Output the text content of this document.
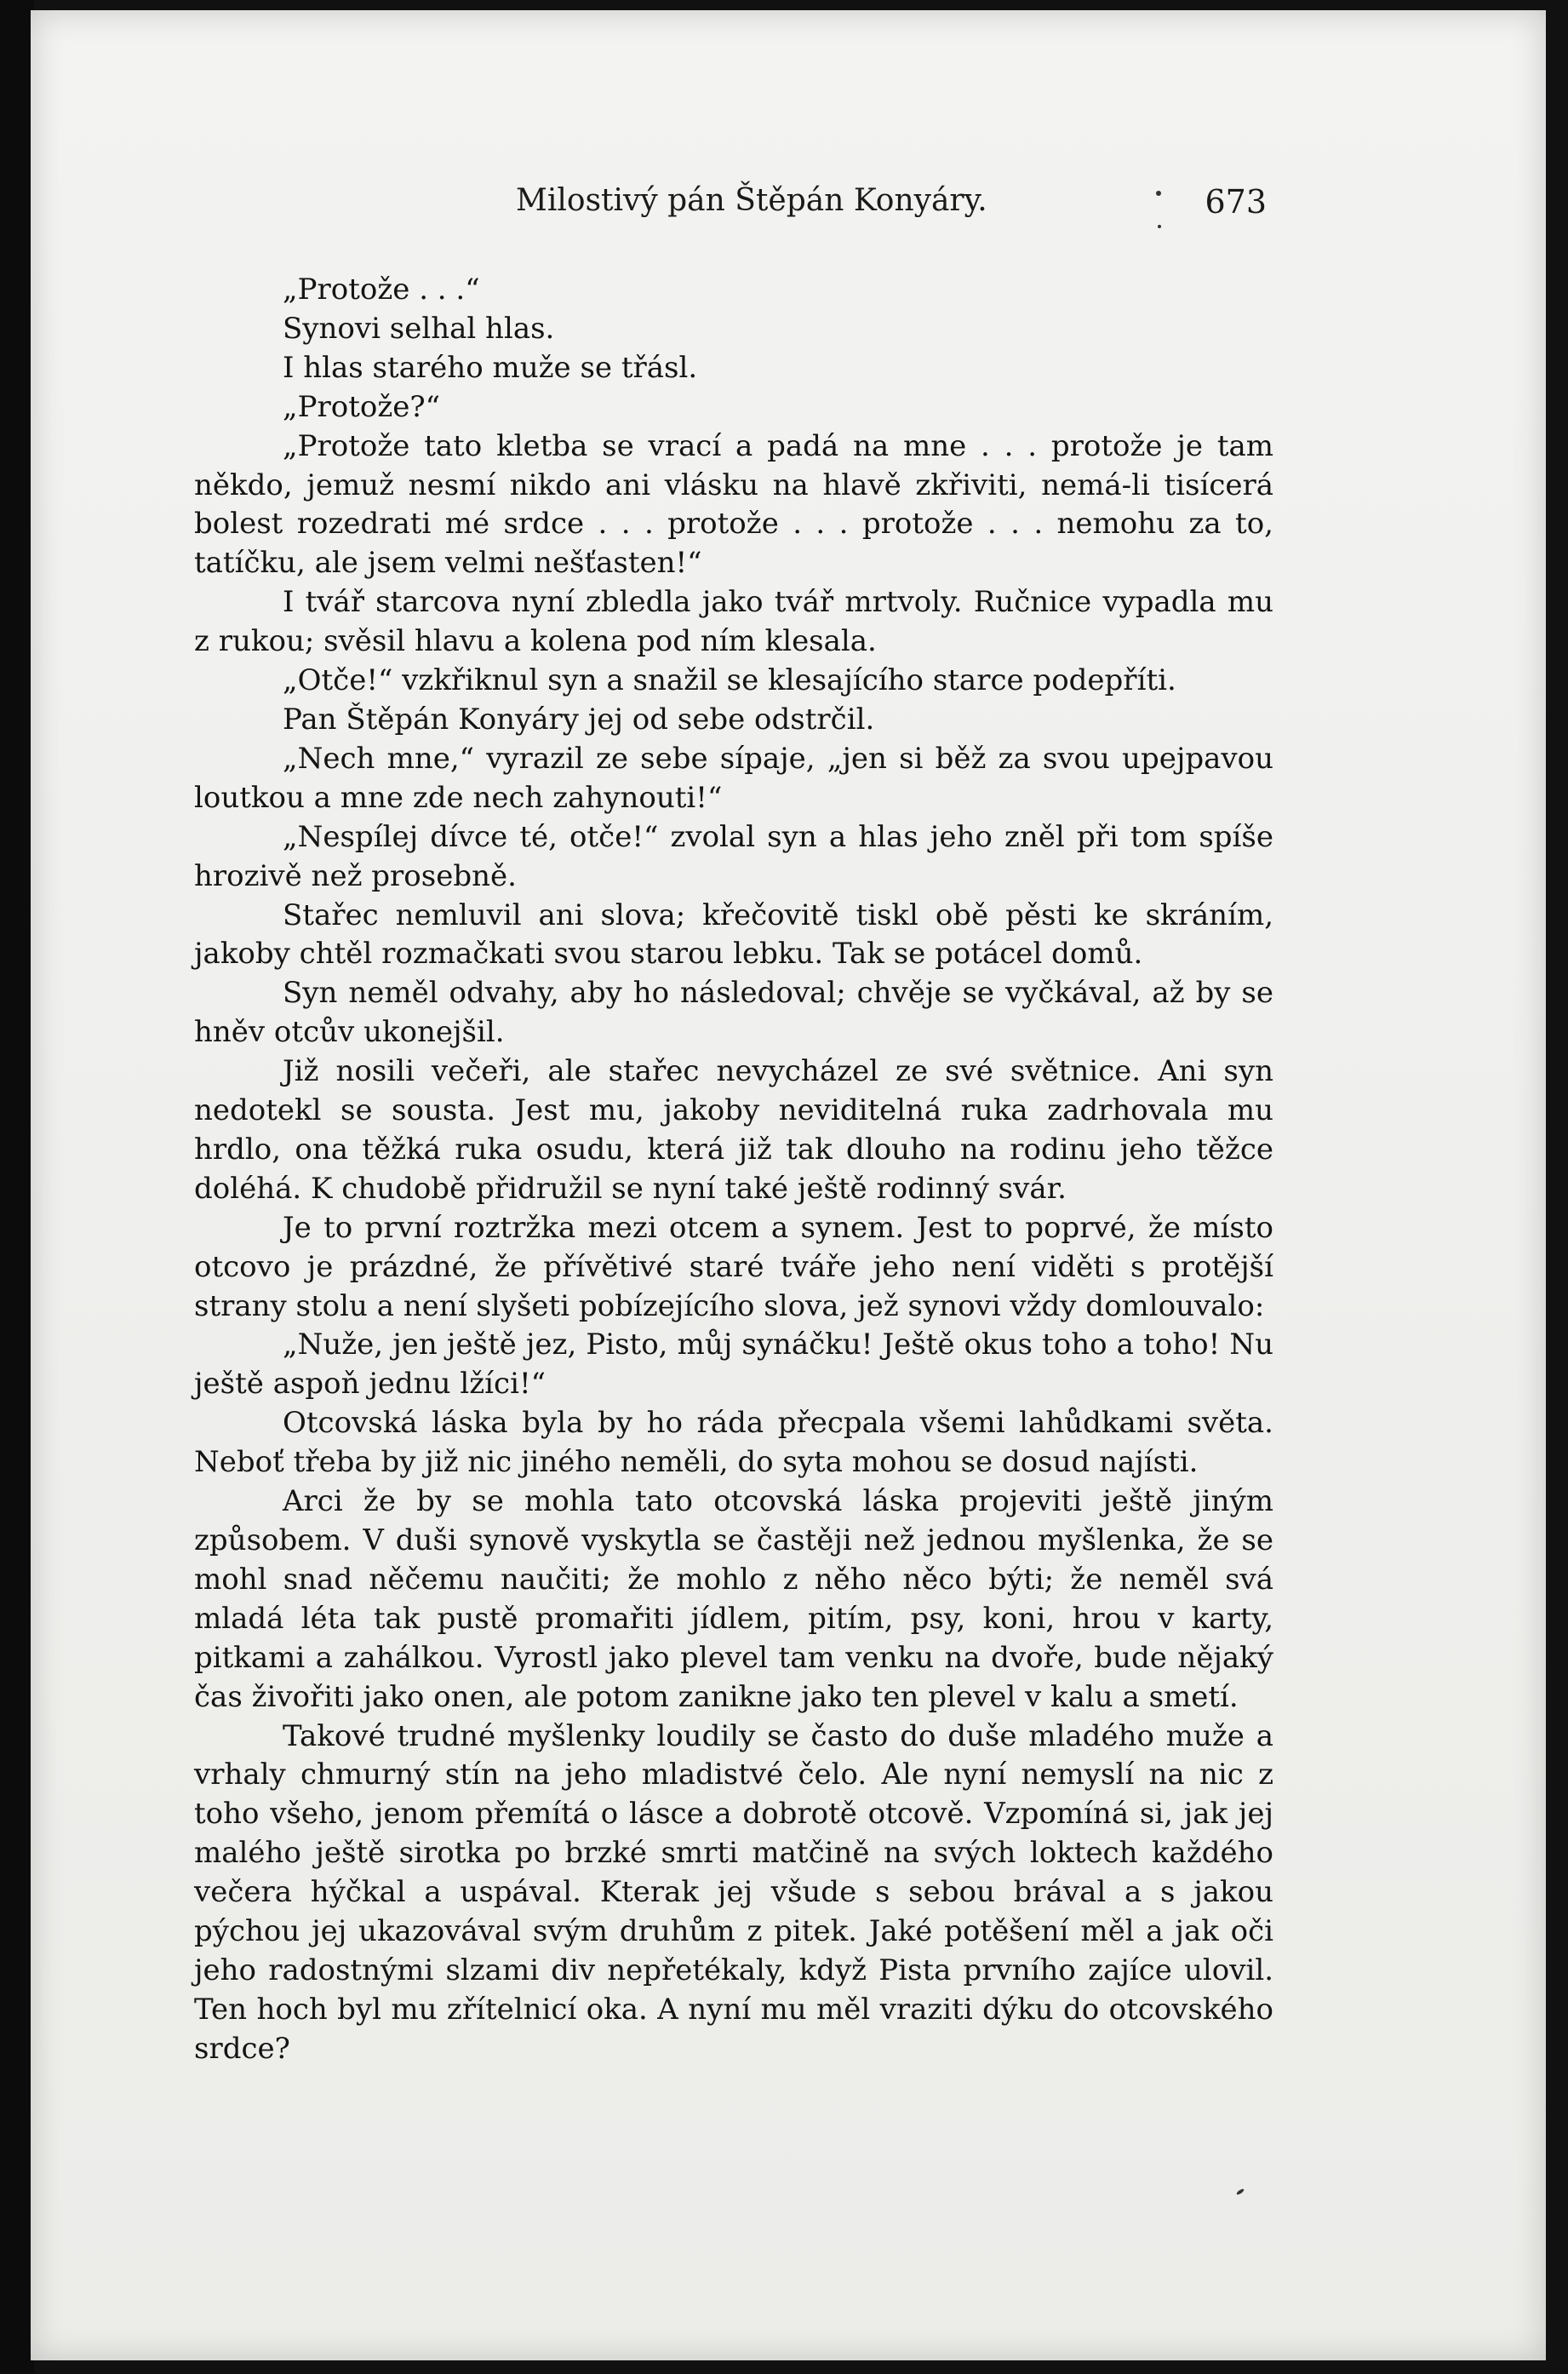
Milostivý pán Štěpán Konyáry.	673

„Protože . . .“

Synovi selhal hlas.

I hlas starého muže se třásl.

„Protože?“

„Protože tato kletba se vrací a padá na mne . . . protože je tam někdo, jemuž nesmí nikdo ani vlásku na hlavě zkřiviti, nemá-li tisícerá bolest rozedrati mé srdce . . . protože . . . protože . . . nemohu za to, tatíčku, ale jsem velmi nešťasten!“

I tvář starcova nyní zbledla jako tvář mrtvoly. Ručnice vypadla mu z rukou; svěsil hlavu a kolena pod ním klesala.

„Otče!“ vzkřiknul syn a snažil se klesajícího starce podepříti.

Pan Štěpán Konyáry jej od sebe odstrčil.

„Nech mne,“ vyrazil ze sebe sípaje, „jen si běž za svou upejpavou loutkou a mne zde nech zahynouti!“

„Nespílej dívce té, otče!“ zvolal syn a hlas jeho zněl při tom spíše hrozivě než prosebně.

Stařec nemluvil ani slova; křečovitě tiskl obě pěsti ke skráním, jakoby chtěl rozmačkati svou starou lebku. Tak se potácel domů.

Syn neměl odvahy, aby ho následoval; chvěje se vyčkával, až by se hněv otcův ukonejšil.

Již nosili večeři, ale stařec nevycházel ze své světnice. Ani syn nedotekl se sousta. Jest mu, jakoby neviditelná ruka zadrhovala mu hrdlo, ona těžká ruka osudu, která již tak dlouho na rodinu jeho těžce doléhá. K chudobě přidružil se nyní také ještě rodinný svár.

Je to první roztržka mezi otcem a synem. Jest to poprvé, že místo otcovo je prázdné, že přívětivé staré tváře jeho není viděti s protější strany stolu a není slyšeti pobízejícího slova, jež synovi vždy domlouvalo:

„Nuže, jen ještě jez, Pisto, můj synáčku! Ještě okus toho a toho! Nu ještě aspoň jednu lžíci!“

Otcovská láska byla by ho ráda přecpala všemi lahůdkami světa. Neboť třeba by již nic jiného neměli, do syta mohou se dosud najísti.

Arci že by se mohla tato otcovská láska projeviti ještě jiným způsobem. V duši synově vyskytla se častěji než jednou myšlenka, že se mohl snad něčemu naučiti; že mohlo z něho něco býti; že neměl svá mladá léta tak pustě promařiti jídlem, pitím, psy, koni, hrou v karty, pitkami a zahálkou. Vyrostl jako plevel tam venku na dvoře, bude nějaký čas živořiti jako onen, ale potom zanikne jako ten plevel v kalu a smetí.

Takové trudné myšlenky loudily se často do duše mladého muže a vrhaly chmurný stín na jeho mladistvé čelo. Ale nyní nemyslí na nic z toho všeho, jenom přemítá o lásce a dobrotě otcově. Vzpomíná si, jak jej malého ještě sirotka po brzké smrti matčině na svých loktech každého večera hýčkal a uspával. Kterak jej všude s sebou brával a s jakou pýchou jej ukazovával svým druhům z pitek. Jaké potěšení měl a jak oči jeho radostnými slzami div nepřetékaly, když Pista prvního zajíce ulovil. Ten hoch byl mu zřítelnicí oka. A nyní mu měl vraziti dýku do otcovského srdce?
